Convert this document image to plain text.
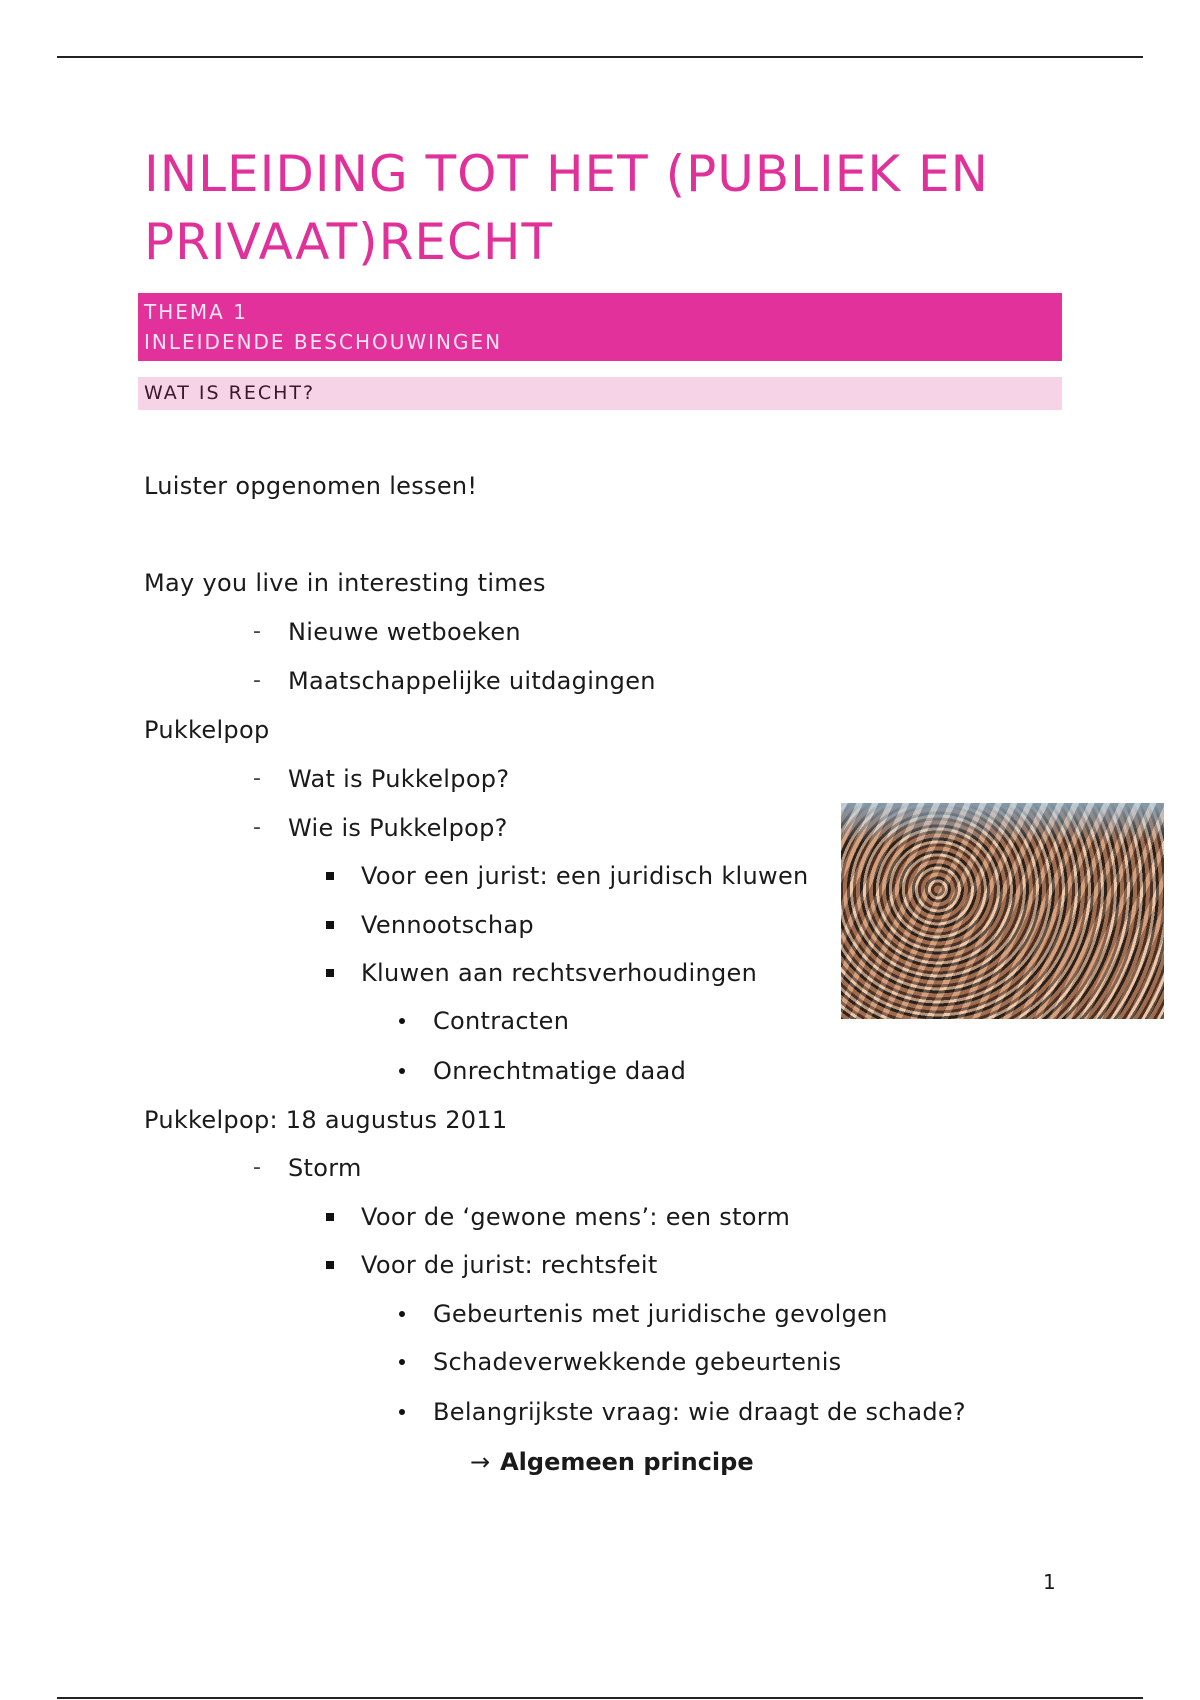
INLEIDING TOT HET (PUBLIEK EN PRIVAAT)RECHT
THEMA 1
INLEIDENDE BESCHOUWINGEN
WAT IS RECHT?
Luister opgenomen lessen!
May you live in interesting times
- Nieuwe wetboeken
- Maatschappelijke uitdagingen
Pukkelpop
- Wat is Pukkelpop?
- Wie is Pukkelpop?
Voor een jurist: een juridisch kluwen
Vennootschap
Kluwen aan rechtsverhoudingen
Contracten
Onrechtmatige daad
Pukkelpop: 18 augustus 2011
- Storm
Voor de ‘gewone mens’: een storm
Voor de jurist: rechtsfeit
Gebeurtenis met juridische gevolgen
Schadeverwekkende gebeurtenis
Belangrijkste vraag: wie draagt de schade?
→ Algemeen principe
1
